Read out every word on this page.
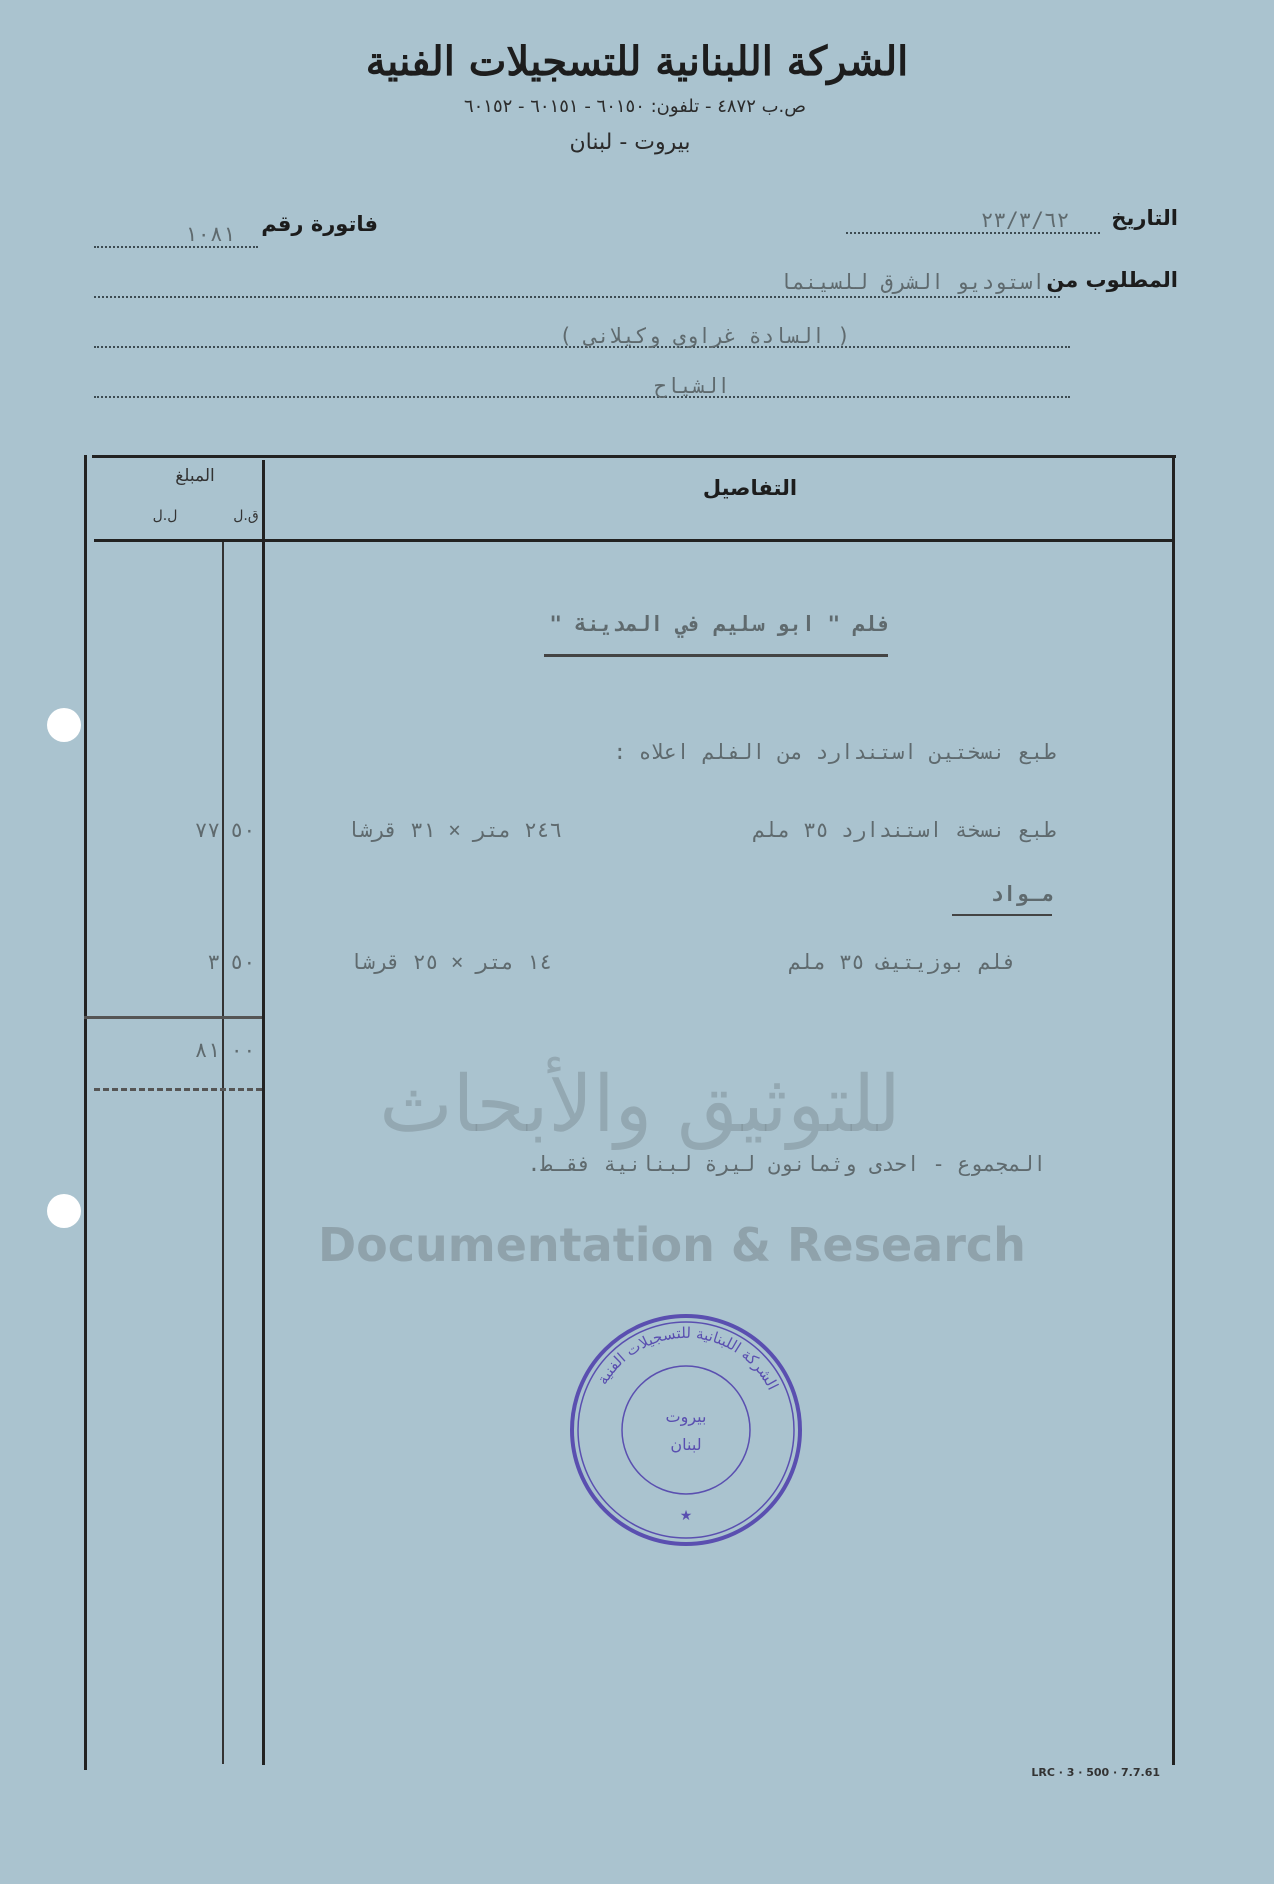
الشركة اللبنانية للتسجيلات الفنية
ص.ب ٤٨٧٢ - تلفون: ٦٠١٥٠ - ٦٠١٥١ - ٦٠١٥٢
بيروت - لبنان
التاريخ
٢٣/٣/٦٢
فاتورة رقم
١٠٨١
المطلوب من
استوديو الشرق للسينما
( السادة غراوي وكيلاني )
الشياح
التفاصيل
المبلغ
ق.ل
ل.ل
فلم " ابو سليم في المدينة "
طبع نسختين استندارد من الفلم اعلاه :
طبع نسخة استندارد ٣٥ ملم
٢٤٦ متر × ٣١ قرشا
٥٠
٧٧
مـواد
فلم بوزيتيف ٣٥ ملم
١٤ متر × ٢٥ قرشا
٥٠
٣
٠٠
٨١
المجموع - احدى وثمانون ليرة لبنانية فقـط.
للتوثيق والأبحاث
Documentation & Research
الشركة اللبنانية للتسجيلات الفنية
بيروت
لبنان
★
LRC · 3 · 500 · 7.7.61
